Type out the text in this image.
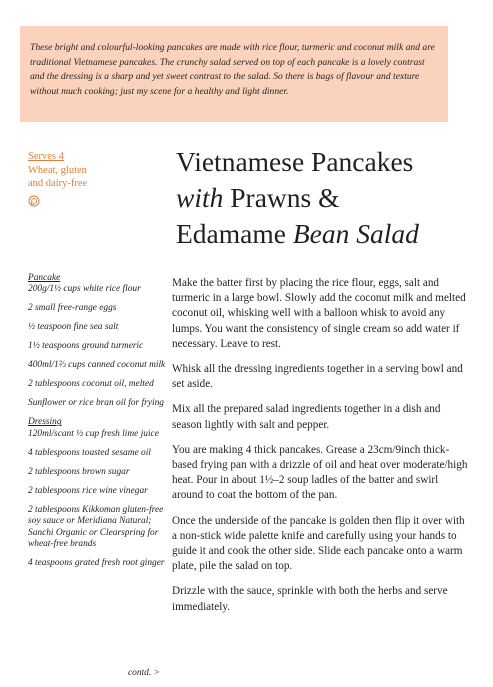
These bright and colourful-looking pancakes are made with rice flour, turmeric and coconut milk and are traditional Vietnamese pancakes. The crunchy salad served on top of each pancake is a lovely contrast and the dressing is a sharp and yet sweet contrast to the salad. So there is bags of flavour and texture without much cooking; just my scene for a healthy and light dinner.

Serves 4
Wheat, gluten
and dairy-free
Vietnamese Pancakes
with Prawns &
Edamame Bean Salad
Pancake
200g/1½ cups white rice flour
2 small free-range eggs
½ teaspoon fine sea salt
1½ teaspoons ground turmeric
400ml/1⅔ cups canned coconut milk
2 tablespoons coconut oil, melted
Sunflower or rice bran oil for frying
Dressing
120ml/scant ½ cup fresh lime juice
4 tablespoons toasted sesame oil
2 tablespoons brown sugar
2 tablespoons rice wine vinegar
2 tablespoons Kikkoman gluten-free soy sauce or Meridiana Natural; Sanchi Organic or Clearspring for wheat-free brands
4 teaspoons grated fresh root ginger
contd. >

Make the batter first by placing the rice flour, eggs, salt and turmeric in a large bowl. Slowly add the coconut milk and melted coconut oil, whisking well with a balloon whisk to avoid any lumps. You want the consistency of single cream so add water if necessary. Leave to rest.

Whisk all the dressing ingredients together in a serving bowl and set aside.

Mix all the prepared salad ingredients together in a dish and season lightly with salt and pepper.

You are making 4 thick pancakes. Grease a 23cm/9inch thick-based frying pan with a drizzle of oil and heat over moderate/high heat. Pour in about 1½–2 soup ladles of the batter and swirl around to coat the bottom of the pan.

Once the underside of the pancake is golden then flip it over with a non-stick wide palette knife and carefully using your hands to guide it and cook the other side. Slide each pancake onto a warm plate, pile the salad on top.

Drizzle with the sauce, sprinkle with both the herbs and serve immediately.
